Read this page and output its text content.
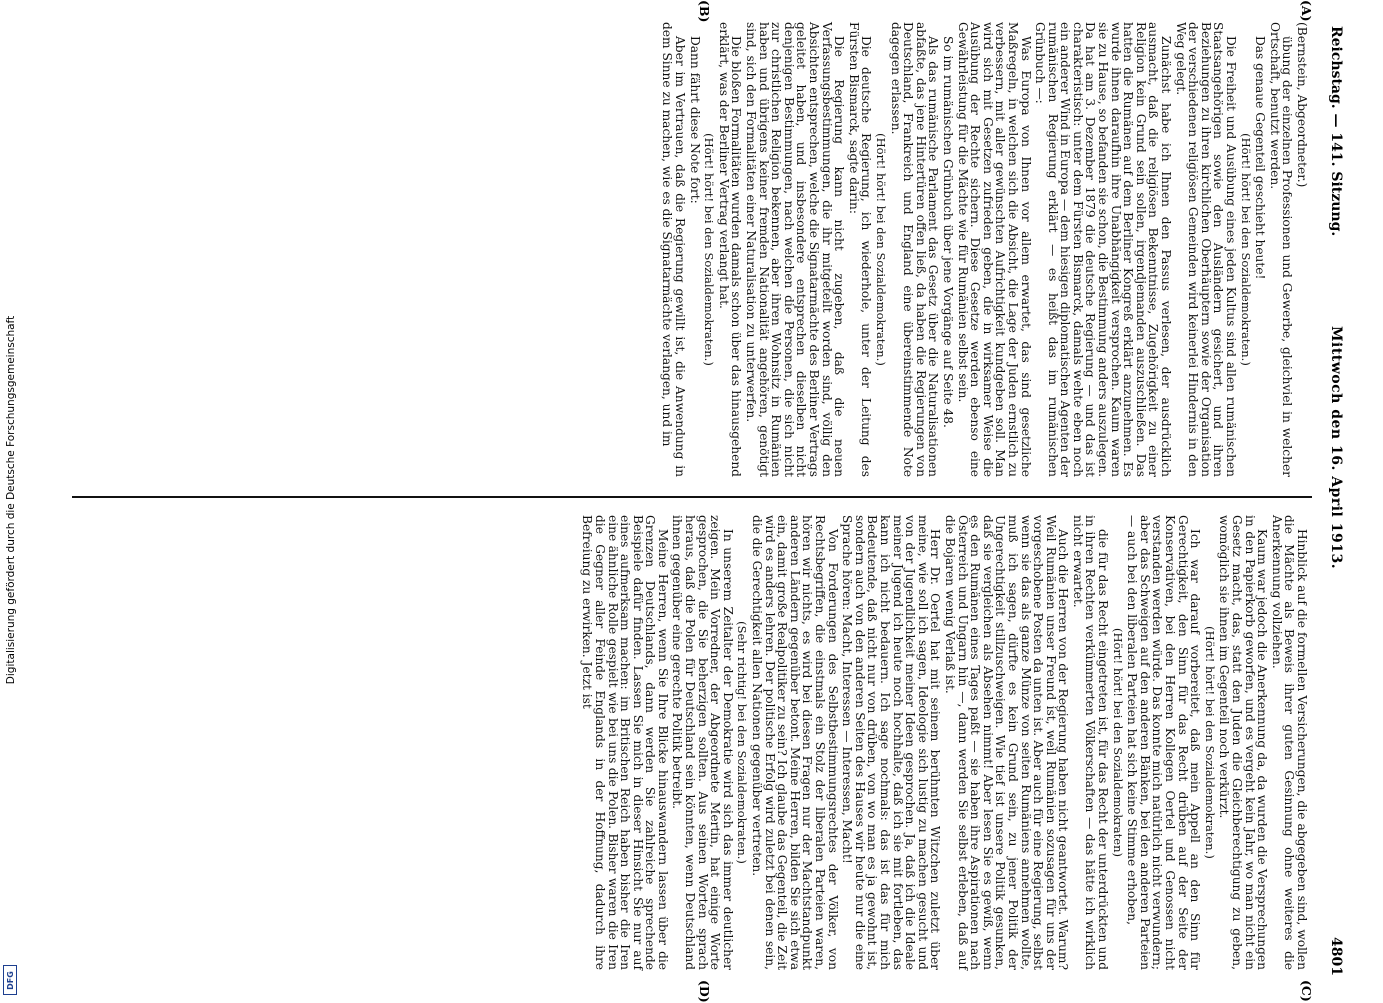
Digitalisierung gefördert durch die Deutsche Forschungsgemeinschaft
DFG
Reichstag. — 141. Sitzung.
Mittwoch den 16. April 1913.
4801
(A)
(B)
(C)
(D)

(Bernstein, Abgeordneter.)

übung der einzelnen Professionen und Gewerbe, gleichviel in welcher Ortschaft, benutzt werden.

Das genaue Gegenteil geschieht heute!

(Hört! hört! bei den Sozialdemokraten.)

Die Freiheit und Ausübung eines jeden Kultus sind allen rumänischen Staatsangehörigen sowie den Ausländern gesichert, und ihren Beziehungen zu ihren kirchlichen Oberhäuptern sowie der Organisation der verschiedenen religiösen Gemeinden wird keinerlei Hindernis in den Weg gelegt.

Zunächst habe ich Ihnen den Passus verlesen, der ausdrücklich ausmacht, daß die religiösen Bekenntnisse, Zugehörigkeit zu einer Religion kein Grund sein sollen, irgendjemanden auszuschließen. Das hatten die Rumänen auf dem Berliner Kongreß erklärt anzunehmen. Es wurde ihnen daraufhin ihre Unabhängigkeit versprochen. Kaum waren sie zu Hause, so befanden sie schon, die Bestimmung anders auszulegen. Da hat am 3. Dezember 1879 die deutsche Regierung — und das ist charakteristisch: unter dem Fürsten Bismarck, damals wehte eben noch ein anderer Wind in Europa — dem hiesigen diplomatischen Agenten der rumänischen Regierung erklärt — es heißt das im rumänischen Grünbuch —:

Was Europa von Ihnen vor allem erwartet, das sind gesetzliche Maßregeln, in welchen sich die Absicht, die Lage der Juden ernstlich zu verbessern, mit aller gewünschten Aufrichtigkeit kundgeben soll. Man wird sich mit Gesetzen zufrieden geben, die in wirksamer Weise die Ausübung der Rechte sichern. Diese Gesetze werden ebenso eine Gewährleistung für die Mächte wie für Rumänien selbst sein.

So im rumänischen Grünbuch über jene Vorgänge auf Seite 48.

Als das rumänische Parlament das Gesetz über die Naturalisationen abfaßte, das jene Hintertüren offen ließ, da haben die Regierungen von Deutschland, Frankreich und England eine übereinstimmende Note dagegen erlassen.

(Hört! hört! bei den Sozialdemokraten.)

Die deutsche Regierung, ich wiederhole, unter der Leitung des Fürsten Bismarck, sagte darin:

Die Regierung kann nicht zugeben, daß die neuen Verfassungsbestimmungen, die ihr mitgeteilt worden sind, völlig den Absichten entsprechen, welche die Signatarmächte des Berliner Vertrags geleitet haben, und insbesondere entsprechen dieselben nicht denjenigen Bestimmungen, nach welchen die Personen, die sich nicht zur christlichen Religion bekennen, aber ihren Wohnsitz in Rumänien haben und übrigens keiner fremden Nationalität angehören, genötigt sind, sich den Formalitäten einer Naturalisation zu unterwerfen.

Die bloßen Formalitäten wurden damals schon über das hinausgehend erklärt, was der Berliner Vertrag verlangt hat.

(Hört! hört! bei den Sozialdemokraten.)

Dann fährt diese Note fort:

Aber im Vertrauen, daß die Regierung gewillt ist, die Anwendung in dem Sinne zu machen, wie es die Signatarmächte verlangen, und im

Hinblick auf die formellen Versicherungen, die abgegeben sind, wollen die Mächte als Beweis ihrer guten Gesinnung ohne weiteres die Anerkennung vollziehen.

Kaum war jedoch die Anerkennung da, da wurden die Versprechungen in den Papierkorb geworfen, und es vergeht kein Jahr, wo man nicht ein Gesetz macht, das, statt den Juden die Gleichberechtigung zu geben, womöglich sie ihnen im Gegenteil noch verkürzt.

(Hört! hört! bei den Sozialdemokraten.)

Ich war darauf vorbereitet, daß mein Appell an den Sinn für Gerechtigkeit, den Sinn für das Recht drüben auf der Seite der Konservativen, bei den Herren Kollegen Oertel und Genossen nicht verstanden werden würde. Das konnte mich natürlich nicht verwundern; aber das Schweigen auf den anderen Bänken, bei den anderen Parteien — auch bei den liberalen Parteien hat sich keine Stimme erhoben,

(Hört! hört! bei den Sozialdemokraten)

die für das Recht eingetreten ist, für das Recht der unterdrückten und in ihren Rechten verkümmerten Völkerschaften — das hätte ich wirklich nicht erwartet.

Auch die Herren von der Regierung haben nicht geantwortet. Warum? Weil Rumänien unser Freund ist, weil Rumänien sozusagen für uns der vorgeschobene Posten da unten ist. Aber auch für eine Regierung, selbst wenn sie das als ganze Münze von seiten Rumäniens annehmen wollte, muß ich sagen, dürfte es kein Grund sein, zu jener Politik der Ungerechtigkeit stillzuschweigen. Wie tief ist unsere Politik gesunken, daß sie vergleichen als Absehen nimmt! Aber lesen Sie es gewiß, wenn es den Rumänen eines Tages paßt — sie haben ihre Aspirationen nach Österreich und Ungarn hin —, dann werden Sie selbst erleben, daß auf die Bojaren wenig Verlaß ist.

Herr Dr. Oertel hat mit seinem berühmten Witzchen zuletzt über meine, wie soll ich sagen, Ideologie sich lustig zu machen gesucht und von der Jugendlichkeit meiner Ideen gesprochen. Ja, daß ich die Ideale meiner Jugend ich heute noch hochhalte, daß ich sie mit fortleben, das kann ich nicht bedauern. Ich sage nochmals: das ist das für mich Bedeutende, daß nicht nur von drüben, von wo man es ja gewohnt ist, sondern auch von den anderen Seiten des Hauses wir heute nur die eine Sprache hören: Macht, Interessen — Interessen, Macht!

Von Forderungen des Selbstbestimmungsrechtes der Völker, von Rechtsbegriffen, die einstmals ein Stolz der liberalen Parteien waren, hören wir nichts, es wird bei diesen Fragen nur der Machtstandpunkt anderen Ländern gegenüber betont. Meine Herren, bilden Sie sich etwa ein, damit große Realpolitiker zu sein? Ich glaube das Gegenteil, die Zeit wird es anders lehren. Der politische Erfolg wird zuletzt bei denen sein, die die Gerechtigkeit allen Nationen gegenüber vertreten.

(Sehr richtig! bei den Sozialdemokraten.)

In unserem Zeitalter der Demokratie wird sich das immer deutlicher zeigen. Mein Vorredner, der Abgeordnete Mertin, hat einige Worte gesprochen, die Sie beherzigen sollten. Aus seinen Worten sprach heraus, daß die Polen für Deutschland sein könnten, wenn Deutschland ihnen gegenüber eine gerechte Politik betreibt.

Meine Herren, wenn Sie Ihre Blicke hinauswandern lassen über die Grenzen Deutschlands, dann werden Sie zahlreiche sprechende Beispiele dafür finden. Lassen Sie mich in dieser Hinsicht Sie nur auf eines aufmerksam machen: im Britischen Reich haben bisher die Iren eine ähnliche Rolle gespielt wie bei uns die Polen. Bisher waren die Iren die Gegner aller Feinde Englands in der Hoffnung, dadurch ihre Befreiung zu erwirken. Jetzt ist
